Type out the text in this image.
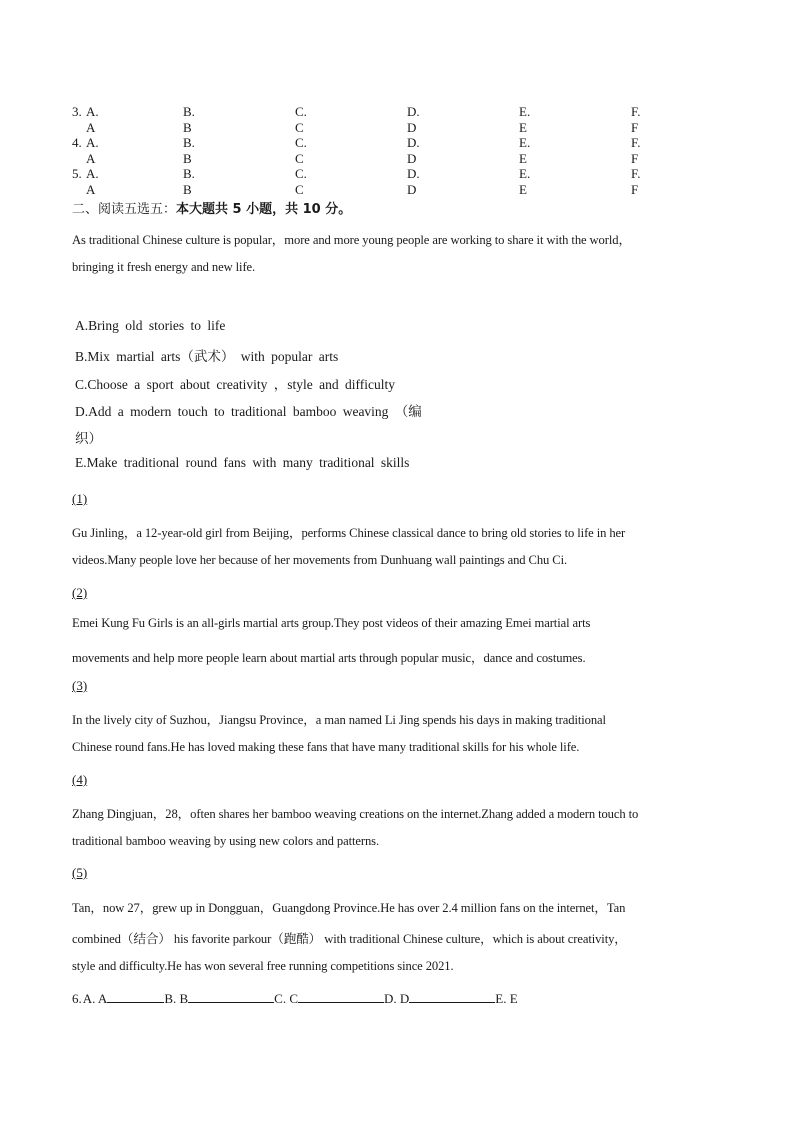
3. A. A
B. B
C. C
D. D
E. E
F. F
4. A. A
B. B
C. C
D. D
E. E
F. F
5. A. A
B. B
C. C
D. D
E. E
F. F
二、阅读五选五：本大题共 5 小题，共 10 分。
As traditional Chinese culture is popular，more and more young people are working to share it with the world，
bringing it fresh energy and new life.
A.Bring old stories to life
B.Mix martial arts（武术） with popular arts
C.Choose a sport about creativity ，style and difficulty
D.Add a modern touch to traditional bamboo weaving （编
织）
E.Make traditional round fans with many traditional skills
(1)
Gu Jinling，a 12-year-old girl from Beijing，performs Chinese classical dance to bring old stories to life in her
videos.Many people love her because of her movements from Dunhuang wall paintings and Chu Ci.
(2)
Emei Kung Fu Girls is an all-girls martial arts group.They post videos of their amazing Emei martial arts
movements and help more people learn about martial arts through popular music，dance and costumes.
(3)
In the lively city of Suzhou，Jiangsu Province，a man named Li Jing spends his days in making traditional
Chinese round fans.He has loved making these fans that have many traditional skills for his whole life.
(4)
Zhang Dingjuan，28，often shares her bamboo weaving creations on the internet.Zhang added a modern touch to
traditional bamboo weaving by using new colors and patterns.
(5)
Tan，now 27，grew up in Dongguan，Guangdong Province.He has over 2.4 million fans on the internet，Tan
combined（结合） his favorite parkour（跑酷） with traditional Chinese culture，which is about creativity，
style and difficulty.He has won several free running competitions since 2021.
6.A. A	B. B	C. C	D. D	E. E
